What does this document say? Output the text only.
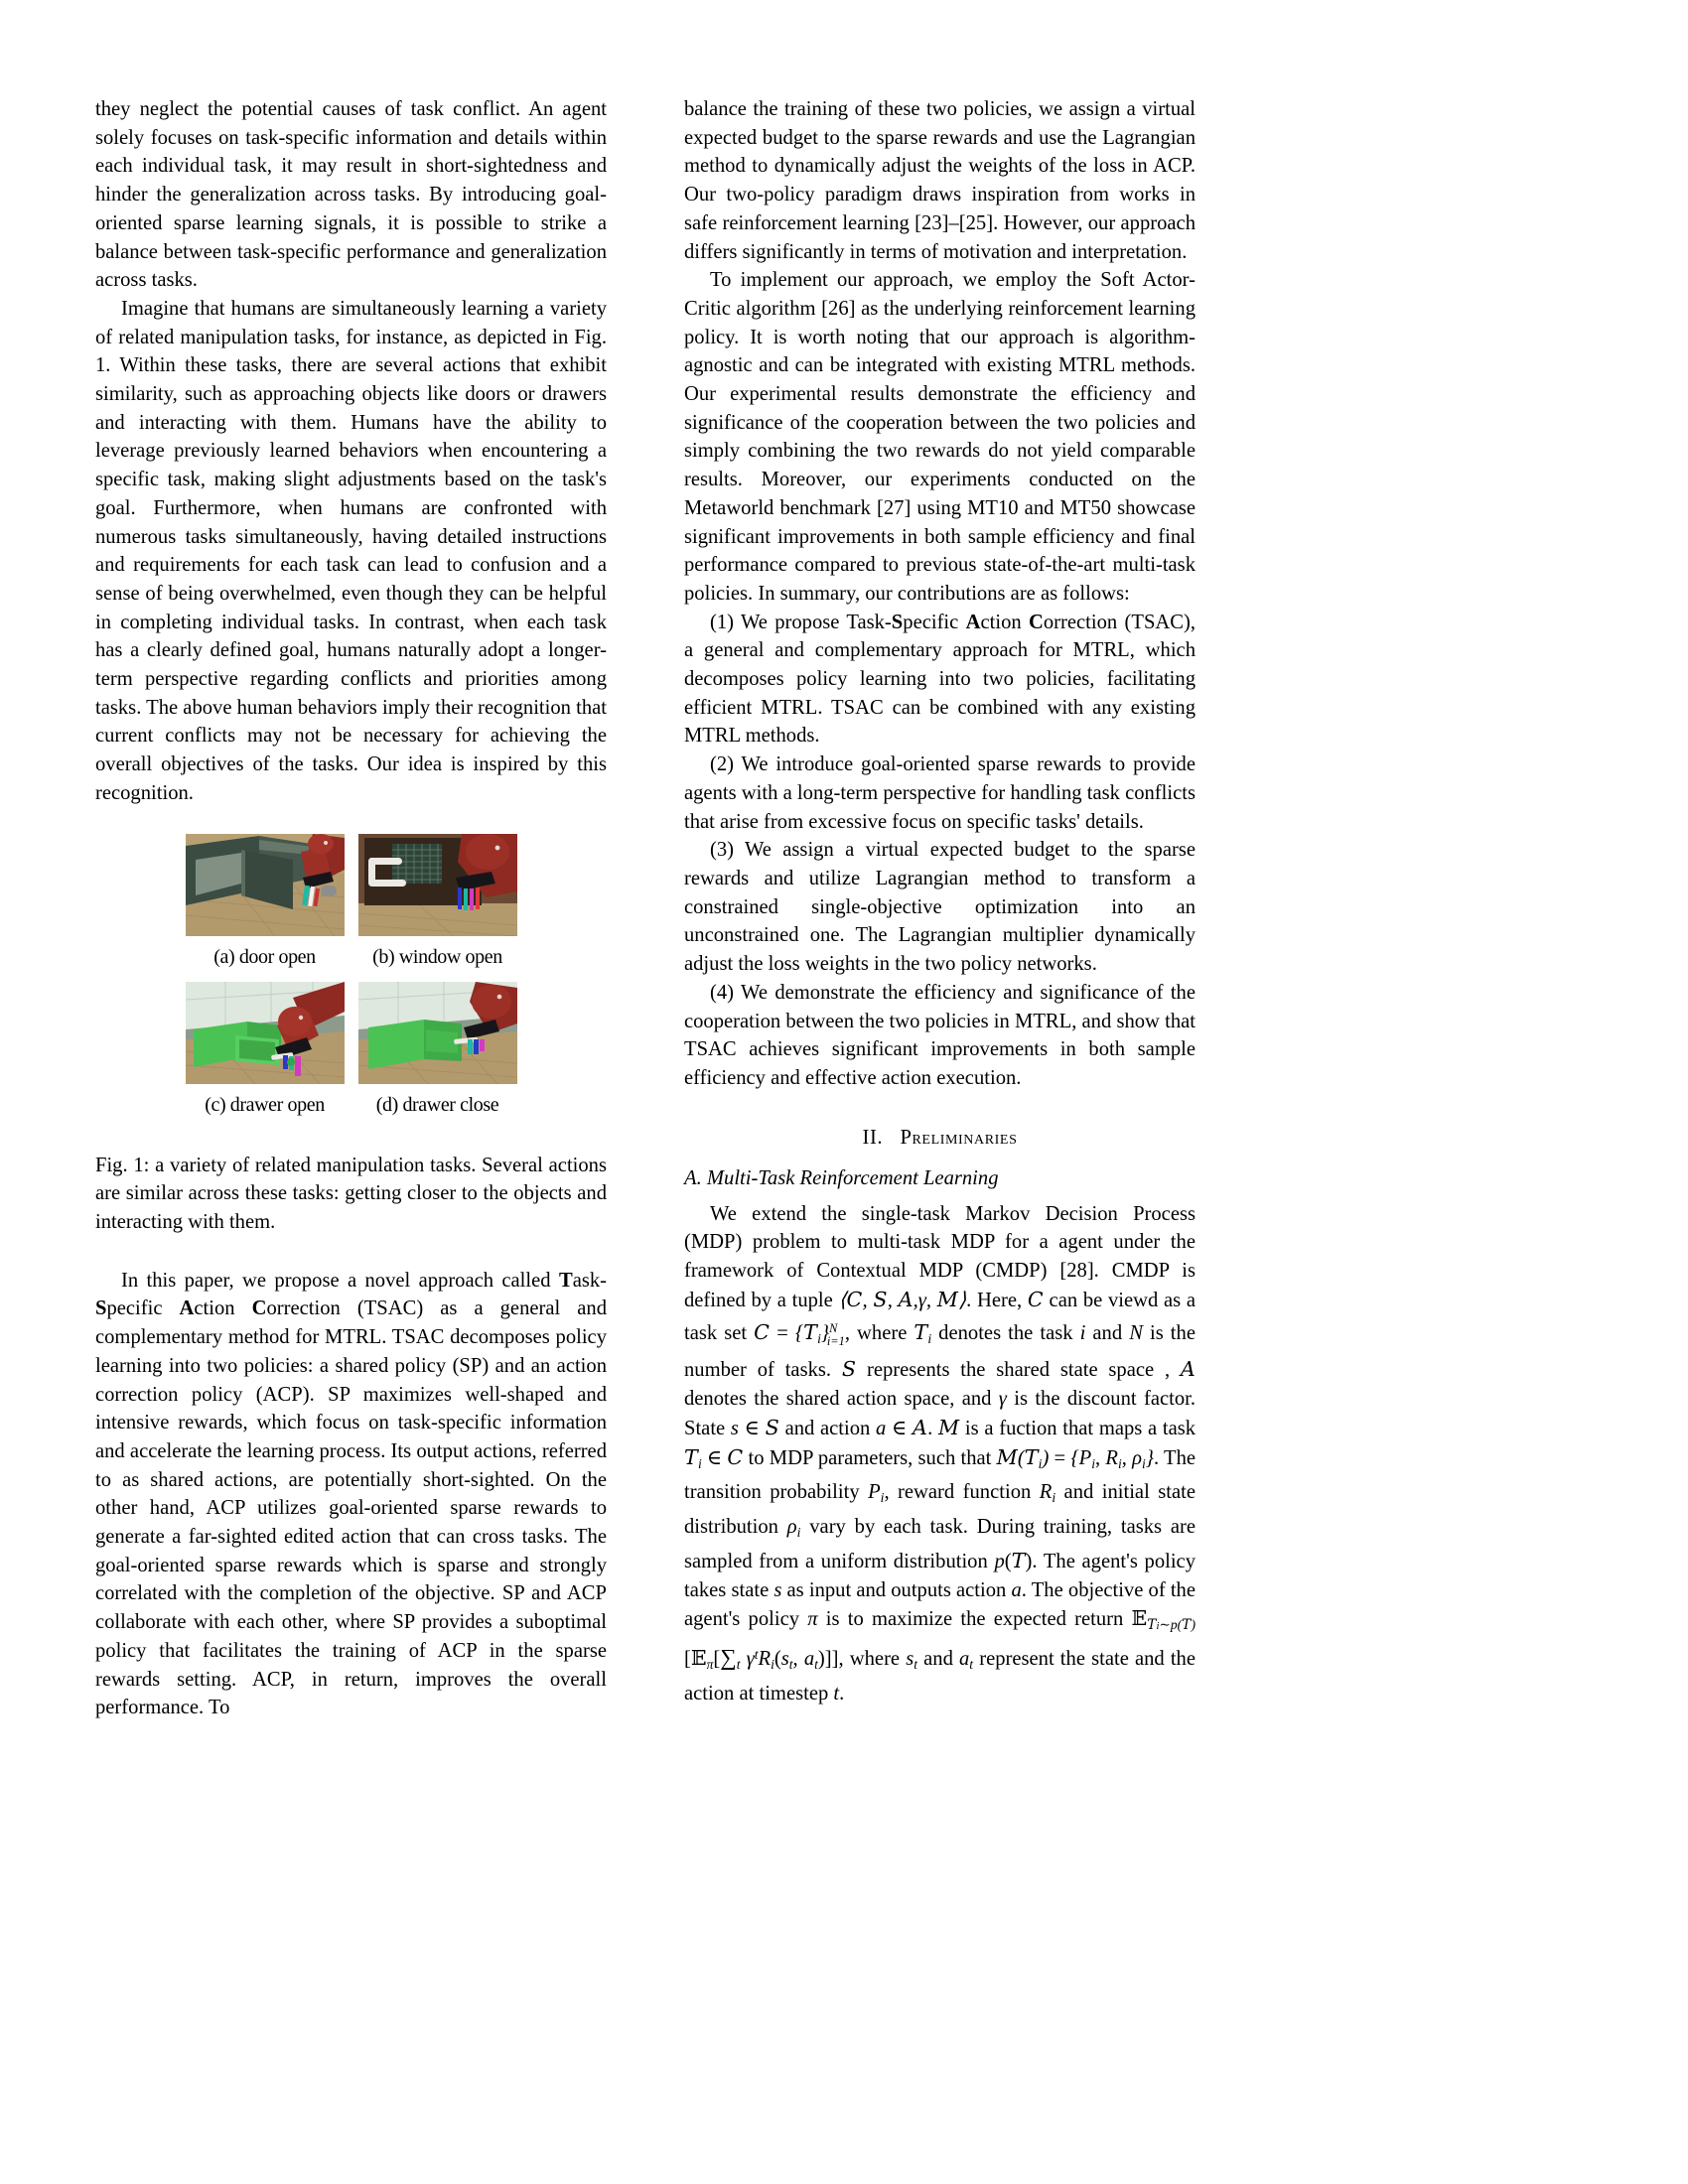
they neglect the potential causes of task conflict. An agent solely focuses on task-specific information and details within each individual task, it may result in short-sightedness and hinder the generalization across tasks. By introducing goal-oriented sparse learning signals, it is possible to strike a balance between task-specific performance and generalization across tasks.

Imagine that humans are simultaneously learning a variety of related manipulation tasks, for instance, as depicted in Fig. 1. Within these tasks, there are several actions that exhibit similarity, such as approaching objects like doors or drawers and interacting with them. Humans have the ability to leverage previously learned behaviors when encountering a specific task, making slight adjustments based on the task's goal. Furthermore, when humans are confronted with numerous tasks simultaneously, having detailed instructions and requirements for each task can lead to confusion and a sense of being overwhelmed, even though they can be helpful in completing individual tasks. In contrast, when each task has a clearly defined goal, humans naturally adopt a longer-term perspective regarding conflicts and priorities among tasks. The above human behaviors imply their recognition that current conflicts may not be necessary for achieving the overall objectives of the tasks. Our idea is inspired by this recognition.

(a) door open	(b) window open
(c) drawer open	(d) drawer close

Fig. 1: a variety of related manipulation tasks. Several actions are similar across these tasks: getting closer to the objects and interacting with them.

In this paper, we propose a novel approach called Task-Specific Action Correction (TSAC) as a general and complementary method for MTRL. TSAC decomposes policy learning into two policies: a shared policy (SP) and an action correction policy (ACP). SP maximizes well-shaped and intensive rewards, which focus on task-specific information and accelerate the learning process. Its output actions, referred to as shared actions, are potentially short-sighted. On the other hand, ACP utilizes goal-oriented sparse rewards to generate a far-sighted edited action that can cross tasks. The goal-oriented sparse rewards which is sparse and strongly correlated with the completion of the objective. SP and ACP collaborate with each other, where SP provides a suboptimal policy that facilitates the training of ACP in the sparse rewards setting. ACP, in return, improves the overall performance. To

balance the training of these two policies, we assign a virtual expected budget to the sparse rewards and use the Lagrangian method to dynamically adjust the weights of the loss in ACP. Our two-policy paradigm draws inspiration from works in safe reinforcement learning [23]–[25]. However, our approach differs significantly in terms of motivation and interpretation.

To implement our approach, we employ the Soft Actor-Critic algorithm [26] as the underlying reinforcement learning policy. It is worth noting that our approach is algorithm-agnostic and can be integrated with existing MTRL methods. Our experimental results demonstrate the efficiency and significance of the cooperation between the two policies and simply combining the two rewards do not yield comparable results. Moreover, our experiments conducted on the Metaworld benchmark [27] using MT10 and MT50 showcase significant improvements in both sample efficiency and final performance compared to previous state-of-the-art multi-task policies. In summary, our contributions are as follows:

(1) We propose Task-Specific Action Correction (TSAC), a general and complementary approach for MTRL, which decomposes policy learning into two policies, facilitating efficient MTRL. TSAC can be combined with any existing MTRL methods.

(2) We introduce goal-oriented sparse rewards to provide agents with a long-term perspective for handling task conflicts that arise from excessive focus on specific tasks' details.

(3) We assign a virtual expected budget to the sparse rewards and utilize Lagrangian method to transform a constrained single-objective optimization into an unconstrained one. The Lagrangian multiplier dynamically adjust the loss weights in the two policy networks.

(4) We demonstrate the efficiency and significance of the cooperation between the two policies in MTRL, and show that TSAC achieves significant improvements in both sample efficiency and effective action execution.

II. Preliminaries
A. Multi-Task Reinforcement Learning

We extend the single-task Markov Decision Process (MDP) problem to multi-task MDP for a agent under the framework of Contextual MDP (CMDP) [28]. CMDP is defined by a tuple ⟨C, S, A,γ, M⟩. Here, C can be viewd as a task set $C = \{T_i\}^N_{i=1}$, where $T_i$ denotes the task i and N is the number of tasks. S represents the shared state space , A denotes the shared action space, and γ is the discount factor. State s ∈ S and action a ∈ A. M is a fuction that maps a task $T_i$ ∈ C to MDP parameters, such that $M(T_i) = \{P_i$, $R_i$, $\rho_i$}. The transition probability $P_i$, reward function $R_i$ and initial state distribution $\rho_i$ vary by each task. During training, tasks are sampled from a uniform distribution p(T). The agent's policy takes state s as input and outputs action a. The objective of the agent's policy π is to maximize the expected return $𝔼_{Ti\sim p(T)}[𝔼_\pi[\sum_t$ $\gamma^tR_i(s_t$, $a_t$)]], where $s_t$ and $a_t$ represent the state and the action at timestep t.
